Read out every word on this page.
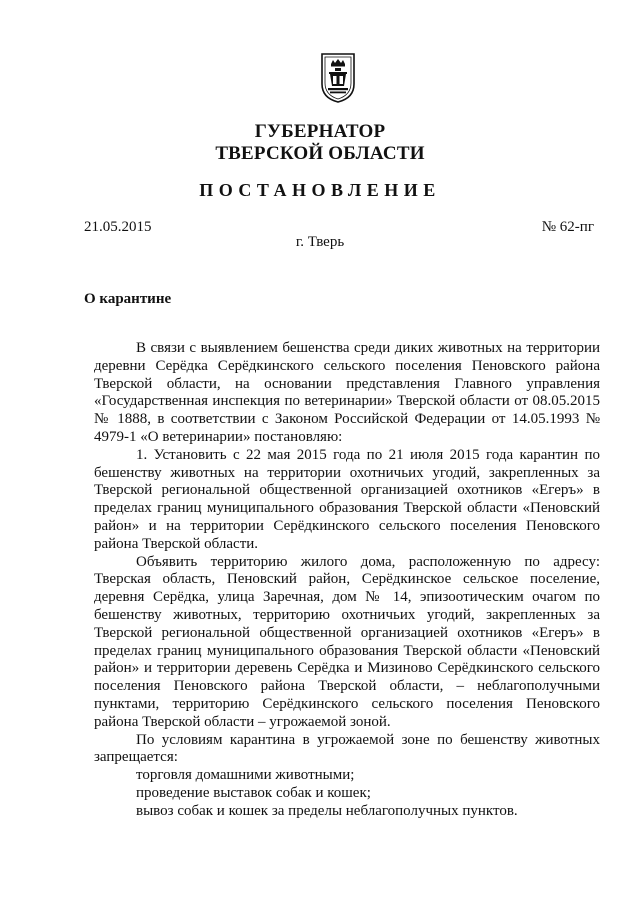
ГУБЕРНАТОР
ТВЕРСКОЙ ОБЛАСТИ
ПОСТАНОВЛЕНИЕ
21.05.2015	№ 62-пг
г. Тверь
О карантине

В связи с выявлением бешенства среди диких животных на территории деревни Серёдка Серёдкинского сельского поселения Пеновского района Тверской области, на основании представления Главного управления «Государственная инспекция по ветеринарии» Тверской области от 08.05.2015 № 1888, в соответствии с Законом Российской Федерации от 14.05.1993 № 4979-1 «О ветеринарии» постановляю:

1. Установить с 22 мая 2015 года по 21 июля 2015 года карантин по бешенству животных на территории охотничьих угодий, закрепленных за Тверской региональной общественной организацией охотников «Егеръ» в пределах границ муниципального образования Тверской области «Пеновский район» и на территории Серёдкинского сельского поселения Пеновского района Тверской области.

Объявить территорию жилого дома, расположенную по адресу: Тверская область, Пеновский район, Серёдкинское сельское поселение, деревня Серёдка, улица Заречная, дом № 14, эпизоотическим очагом по бешенству животных, территорию охотничьих угодий, закрепленных за Тверской региональной общественной организацией охотников «Егеръ» в пределах границ муниципального образования Тверской области «Пеновский район» и территории деревень Серёдка и Мизиново Серёдкинского сельского поселения Пеновского района Тверской области, – неблагополучными пунктами, территорию Серёдкинского сельского поселения Пеновского района Тверской области – угрожаемой зоной.

По условиям карантина в угрожаемой зоне по бешенству животных запрещается:

торговля домашними животными;

проведение выставок собак и кошек;

вывоз собак и кошек за пределы неблагополучных пунктов.
